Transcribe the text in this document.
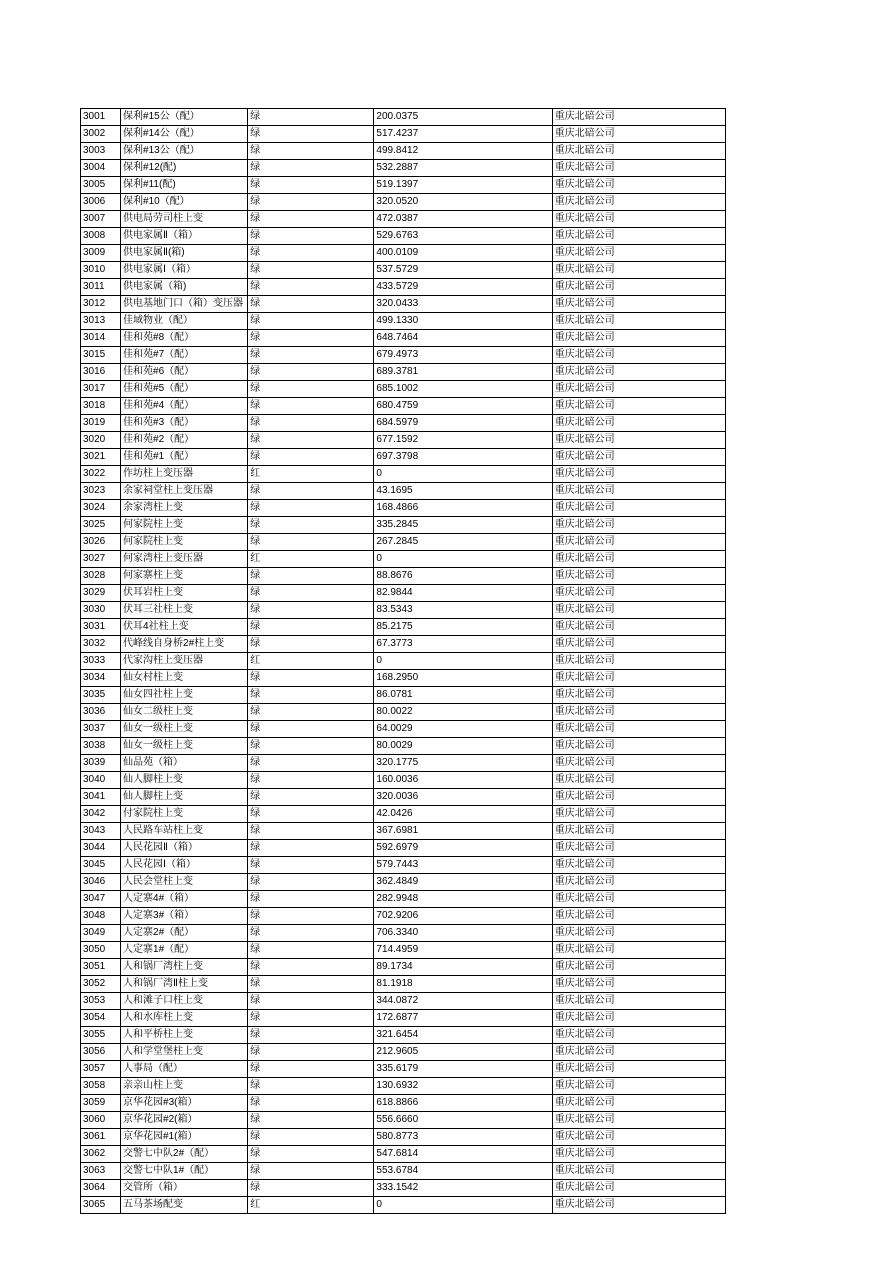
3001	保利#15公（配）	绿	200.0375	重庆北碚公司
3002	保利#14公（配）	绿	517.4237	重庆北碚公司
3003	保利#13公（配）	绿	499.8412	重庆北碚公司
3004	保利#12(配)	绿	532.2887	重庆北碚公司
3005	保利#11(配)	绿	519.1397	重庆北碚公司
3006	保利#10（配）	绿	320.0520	重庆北碚公司
3007	供电局劳司柱上变	绿	472.0387	重庆北碚公司
3008	供电家属Ⅱ（箱）	绿	529.6763	重庆北碚公司
3009	供电家属Ⅱ(箱)	绿	400.0109	重庆北碚公司
3010	供电家属Ⅰ（箱）	绿	537.5729	重庆北碚公司
3011	供电家属（箱)	绿	433.5729	重庆北碚公司
3012	供电基地门口（箱）变压器	绿	320.0433	重庆北碚公司
3013	佳域物业（配）	绿	499.1330	重庆北碚公司
3014	佳和苑#8（配）	绿	648.7464	重庆北碚公司
3015	佳和苑#7（配）	绿	679.4973	重庆北碚公司
3016	佳和苑#6（配）	绿	689.3781	重庆北碚公司
3017	佳和苑#5（配）	绿	685.1002	重庆北碚公司
3018	佳和苑#4（配）	绿	680.4759	重庆北碚公司
3019	佳和苑#3（配）	绿	684.5979	重庆北碚公司
3020	佳和苑#2（配）	绿	677.1592	重庆北碚公司
3021	佳和苑#1（配）	绿	697.3798	重庆北碚公司
3022	作坊柱上变压器	红	0	重庆北碚公司
3023	余家祠堂柱上变压器	绿	43.1695	重庆北碚公司
3024	余家湾柱上变	绿	168.4866	重庆北碚公司
3025	何家院柱上变	绿	335.2845	重庆北碚公司
3026	何家院柱上变	绿	267.2845	重庆北碚公司
3027	何家湾柱上变压器	红	0	重庆北碚公司
3028	何家寨柱上变	绿	88.8676	重庆北碚公司
3029	伏耳岩柱上变	绿	82.9844	重庆北碚公司
3030	伏耳三社柱上变	绿	83.5343	重庆北碚公司
3031	伏耳4社柱上变	绿	85.2175	重庆北碚公司
3032	代峰线自身桥2#柱上变	绿	67.3773	重庆北碚公司
3033	代家沟柱上变压器	红	0	重庆北碚公司
3034	仙女村柱上变	绿	168.2950	重庆北碚公司
3035	仙女四社柱上变	绿	86.0781	重庆北碚公司
3036	仙女二级柱上变	绿	80.0022	重庆北碚公司
3037	仙女一级柱上变	绿	64.0029	重庆北碚公司
3038	仙女一级柱上变	绿	80.0029	重庆北碚公司
3039	仙品苑（箱）	绿	320.1775	重庆北碚公司
3040	仙人脚柱上变	绿	160.0036	重庆北碚公司
3041	仙人脚柱上变	绿	320.0036	重庆北碚公司
3042	付家院柱上变	绿	42.0426	重庆北碚公司
3043	人民路车站柱上变	绿	367.6981	重庆北碚公司
3044	人民花园Ⅱ（箱）	绿	592.6979	重庆北碚公司
3045	人民花园Ⅰ（箱）	绿	579.7443	重庆北碚公司
3046	人民会堂柱上变	绿	362.4849	重庆北碚公司
3047	人定寨4#（箱）	绿	282.9948	重庆北碚公司
3048	人定寨3#（箱）	绿	702.9206	重庆北碚公司
3049	人定寨2#（配）	绿	706.3340	重庆北碚公司
3050	人定寨1#（配）	绿	714.4959	重庆北碚公司
3051	人和锅厂湾柱上变	绿	89.1734	重庆北碚公司
3052	人和锅厂湾Ⅱ柱上变	绿	81.1918	重庆北碚公司
3053	人和滩子口柱上变	绿	344.0872	重庆北碚公司
3054	人和水库柱上变	绿	172.6877	重庆北碚公司
3055	人和平桥柱上变	绿	321.6454	重庆北碚公司
3056	人和学堂堡柱上变	绿	212.9605	重庆北碚公司
3057	人事局（配）	绿	335.6179	重庆北碚公司
3058	亲亲山柱上变	绿	130.6932	重庆北碚公司
3059	京华花园#3(箱）	绿	618.8866	重庆北碚公司
3060	京华花园#2(箱）	绿	556.6660	重庆北碚公司
3061	京华花园#1(箱）	绿	580.8773	重庆北碚公司
3062	交警七中队2#（配）	绿	547.6814	重庆北碚公司
3063	交警七中队1#（配）	绿	553.6784	重庆北碚公司
3064	交管所（箱）	绿	333.1542	重庆北碚公司
3065	五马茶场配变	红	0	重庆北碚公司
